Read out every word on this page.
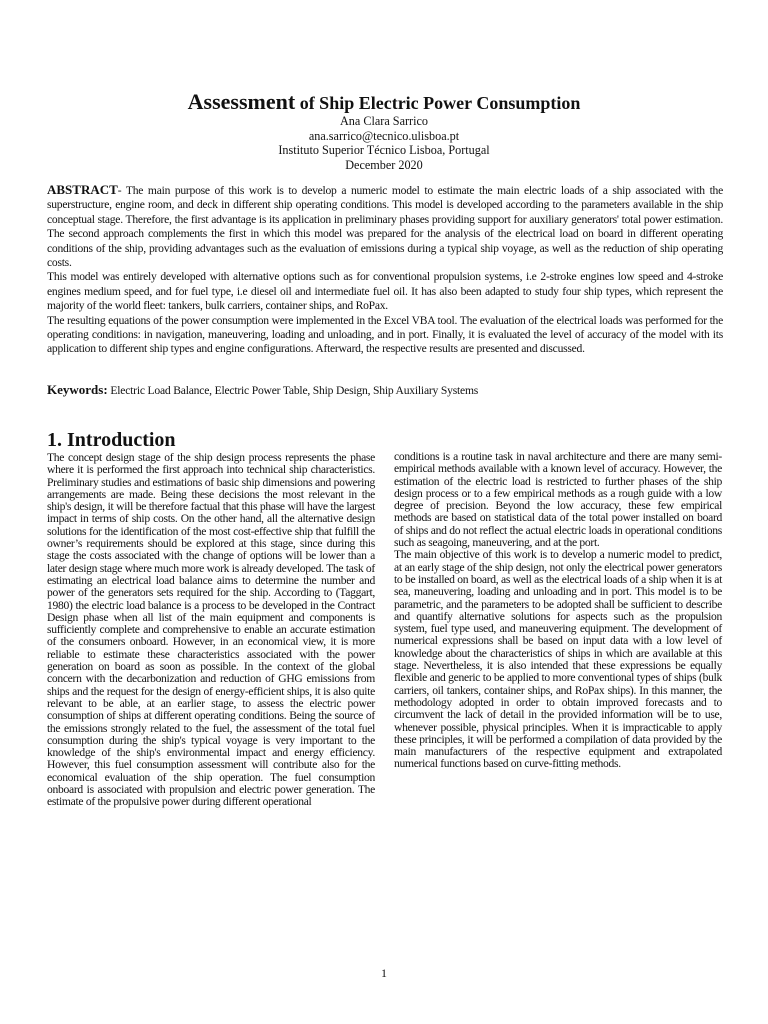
Assessment of Ship Electric Power Consumption
Ana Clara Sarrico
ana.sarrico@tecnico.ulisboa.pt
Instituto Superior Técnico Lisboa, Portugal
December 2020

ABSTRACT- The main purpose of this work is to develop a numeric model to estimate the main electric loads of a ship associated with the superstructure, engine room, and deck in different ship operating conditions. This model is developed according to the parameters available in the ship conceptual stage. Therefore, the first advantage is its application in preliminary phases providing support for auxiliary generators' total power estimation. The second approach complements the first in which this model was prepared for the analysis of the electrical load on board in different operating conditions of the ship, providing advantages such as the evaluation of emissions during a typical ship voyage, as well as the reduction of ship operating costs.

This model was entirely developed with alternative options such as for conventional propulsion systems, i.e 2-stroke engines low speed and 4-stroke engines medium speed, and for fuel type, i.e diesel oil and intermediate fuel oil. It has also been adapted to study four ship types, which represent the majority of the world fleet: tankers, bulk carriers, container ships, and RoPax.

The resulting equations of the power consumption were implemented in the Excel VBA tool. The evaluation of the electrical loads was performed for the operating conditions: in navigation, maneuvering, loading and unloading, and in port. Finally, it is evaluated the level of accuracy of the model with its application to different ship types and engine configurations. Afterward, the respective results are presented and discussed.

Keywords: Electric Load Balance, Electric Power Table, Ship Design, Ship Auxiliary Systems
1. Introduction

The concept design stage of the ship design process represents the phase where it is performed the first approach into technical ship characteristics. Preliminary studies and estimations of basic ship dimensions and powering arrangements are made. Being these decisions the most relevant in the ship's design, it will be therefore factual that this phase will have the largest impact in terms of ship costs. On the other hand, all the alternative design solutions for the identification of the most cost-effective ship that fulfill the owner’s requirements should be explored at this stage, since during this stage the costs associated with the change of options will be lower than a later design stage where much more work is already developed. The task of estimating an electrical load balance aims to determine the number and power of the generators sets required for the ship. According to (Taggart, 1980) the electric load balance is a process to be developed in the Contract Design phase when all list of the main equipment and components is sufficiently complete and comprehensive to enable an accurate estimation of the consumers onboard. However, in an economical view, it is more reliable to estimate these characteristics associated with the power generation on board as soon as possible. In the context of the global concern with the decarbonization and reduction of GHG emissions from ships and the request for the design of energy-efficient ships, it is also quite relevant to be able, at an earlier stage, to assess the electric power consumption of ships at different operating conditions. Being the source of the emissions strongly related to the fuel, the assessment of the total fuel consumption during the ship's typical voyage is very important to the knowledge of the ship's environmental impact and energy efficiency. However, this fuel consumption assessment will contribute also for the economical evaluation of the ship operation. The fuel consumption onboard is associated with propulsion and electric power generation. The estimate of the propulsive power during different operational

conditions is a routine task in naval architecture and there are many semi-empirical methods available with a known level of accuracy. However, the estimation of the electric load is restricted to further phases of the ship design process or to a few empirical methods as a rough guide with a low degree of precision. Beyond the low accuracy, these few empirical methods are based on statistical data of the total power installed on board of ships and do not reflect the actual electric loads in operational conditions such as seagoing, maneuvering, and at the port.

The main objective of this work is to develop a numeric model to predict, at an early stage of the ship design, not only the electrical power generators to be installed on board, as well as the electrical loads of a ship when it is at sea, maneuvering, loading and unloading and in port. This model is to be parametric, and the parameters to be adopted shall be sufficient to describe and quantify alternative solutions for aspects such as the propulsion system, fuel type used, and maneuvering equipment. The development of numerical expressions shall be based on input data with a low level of knowledge about the characteristics of ships in which are available at this stage. Nevertheless, it is also intended that these expressions be equally flexible and generic to be applied to more conventional types of ships (bulk carriers, oil tankers, container ships, and RoPax ships). In this manner, the methodology adopted in order to obtain improved forecasts and to circumvent the lack of detail in the provided information will be to use, whenever possible, physical principles. When it is impracticable to apply these principles, it will be performed a compilation of data provided by the main manufacturers of the respective equipment and extrapolated numerical functions based on curve-fitting methods.

1
